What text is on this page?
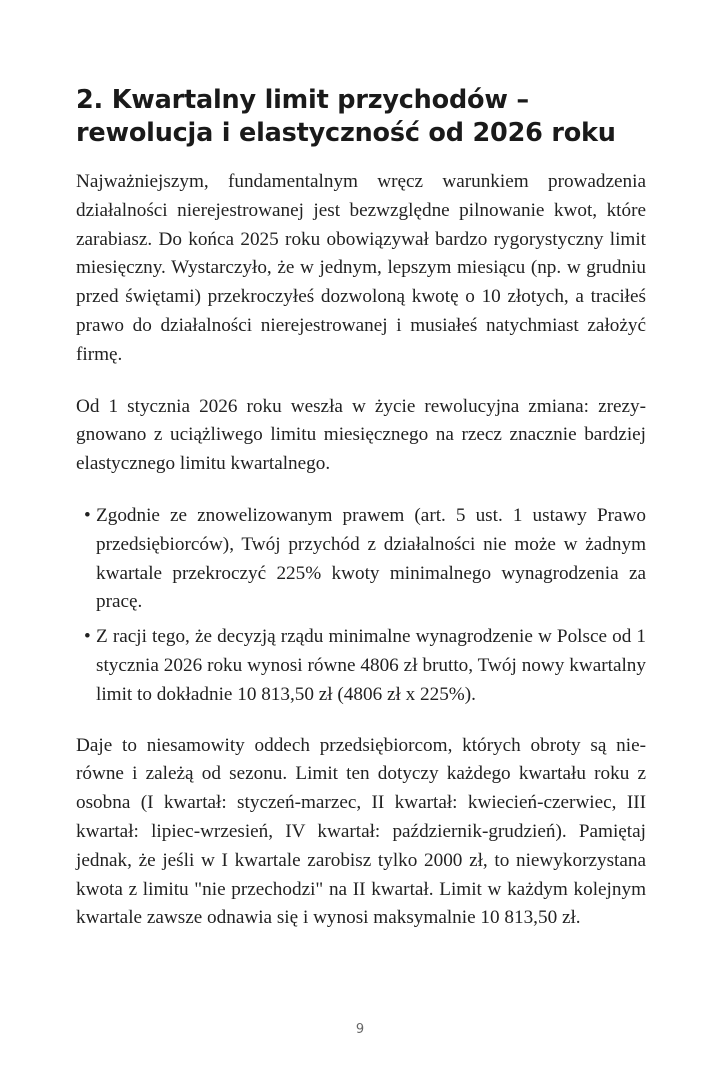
2. Kwartalny limit przychodów – rewolucja i elastyczność od 2026 roku

Najważniejszym, fundamentalnym wręcz warunkiem prowadzenia działalności nierejestrowanej jest bezwzględne pilnowanie kwot, które zarabiasz. Do końca 2025 roku obowiązywał bardzo rygorystyczny limit miesięczny. Wystarczyło, że w jednym, lepszym miesiącu (np. w grudniu przed świętami) przekroczyłeś dozwoloną kwotę o 10 złotych, a traciłeś prawo do działalności nierejestrowanej i musiałeś natychmiast założyć firmę.

Od 1 stycznia 2026 roku weszła w życie rewolucyjna zmiana: zrezygnowano z uciążliwego limitu miesięcznego na rzecz znacznie bardziej elastycznego limitu kwartalnego.

• Zgodnie ze znowelizowanym prawem (art. 5 ust. 1 ustawy Prawo przedsiębiorców), Twój przychód z działalności nie może w żadnym kwartale przekroczyć 225% kwoty minimalnego wynagrodzenia za pracę.
• Z racji tego, że decyzją rządu minimalne wynagrodzenie w Polsce od 1 stycznia 2026 roku wynosi równe 4806 zł brutto, Twój nowy kwartalny limit to dokładnie 10 813,50 zł (4806 zł x 225%).

Daje to niesamowity oddech przedsiębiorcom, których obroty są nierówne i zależą od sezonu. Limit ten dotyczy każdego kwartału roku z osobna (I kwartał: styczeń-marzec, II kwartał: kwiecień-czerwiec, III kwartał: lipiec-wrzesień, IV kwartał: październik-grudzień). Pamiętaj jednak, że jeśli w I kwartale zarobisz tylko 2000 zł, to niewykorzystana kwota z limitu "nie przechodzi" na II kwartał. Limit w każdym kolejnym kwartale zawsze odnawia się i wynosi maksymalnie 10 813,50 zł.

9
